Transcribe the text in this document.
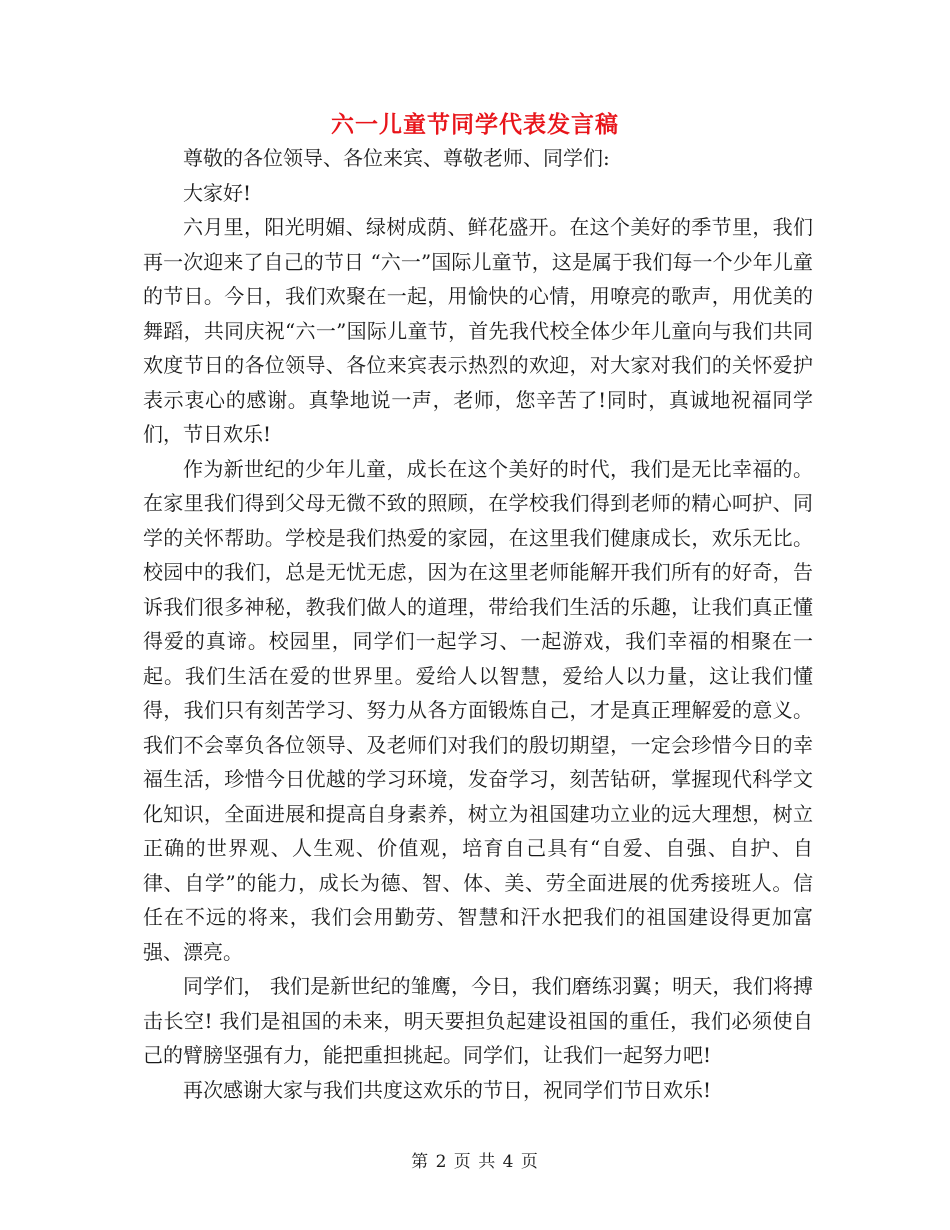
六一儿童节同学代表发言稿

尊敬的各位领导、各位来宾、尊敬老师、同学们:

大家好!

六月里，阳光明媚、绿树成荫、鲜花盛开。在这个美好的季节里，我们再一次迎来了自己的节日 “六一”国际儿童节，这是属于我们每一个少年儿童的节日。今日，我们欢聚在一起，用愉快的心情，用嘹亮的歌声，用优美的舞蹈，共同庆祝“六一”国际儿童节，首先我代校全体少年儿童向与我们共同欢度节日的各位领导、各位来宾表示热烈的欢迎，对大家对我们的关怀爱护表示衷心的感谢。真挚地说一声，老师，您辛苦了!同时，真诚地祝福同学们，节日欢乐!

作为新世纪的少年儿童，成长在这个美好的时代，我们是无比幸福的。在家里我们得到父母无微不致的照顾，在学校我们得到老师的精心呵护、同学的关怀帮助。学校是我们热爱的家园，在这里我们健康成长，欢乐无比。校园中的我们，总是无忧无虑，因为在这里老师能解开我们所有的好奇，告诉我们很多神秘，教我们做人的道理，带给我们生活的乐趣，让我们真正懂得爱的真谛。校园里，同学们一起学习、一起游戏，我们幸福的相聚在一起。我们生活在爱的世界里。爱给人以智慧，爱给人以力量，这让我们懂得，我们只有刻苦学习、努力从各方面锻炼自己，才是真正理解爱的意义。我们不会辜负各位领导、及老师们对我们的殷切期望，一定会珍惜今日的幸福生活，珍惜今日优越的学习环境，发奋学习，刻苦钻研，掌握现代科学文化知识，全面进展和提高自身素养，树立为祖国建功立业的远大理想，树立正确的世界观、人生观、价值观，培育自己具有“自爱、自强、自护、自律、自学”的能力，成长为德、智、体、美、劳全面进展的优秀接班人。信任在不远的将来，我们会用勤劳、智慧和汗水把我们的祖国建设得更加富强、漂亮。

同学们， 我们是新世纪的雏鹰，今日，我们磨练羽翼；明天，我们将搏击长空! 我们是祖国的未来，明天要担负起建设祖国的重任，我们必须使自己的臂膀坚强有力，能把重担挑起。同学们，让我们一起努力吧!

再次感谢大家与我们共度这欢乐的节日，祝同学们节日欢乐!

第 2 页 共 4 页
